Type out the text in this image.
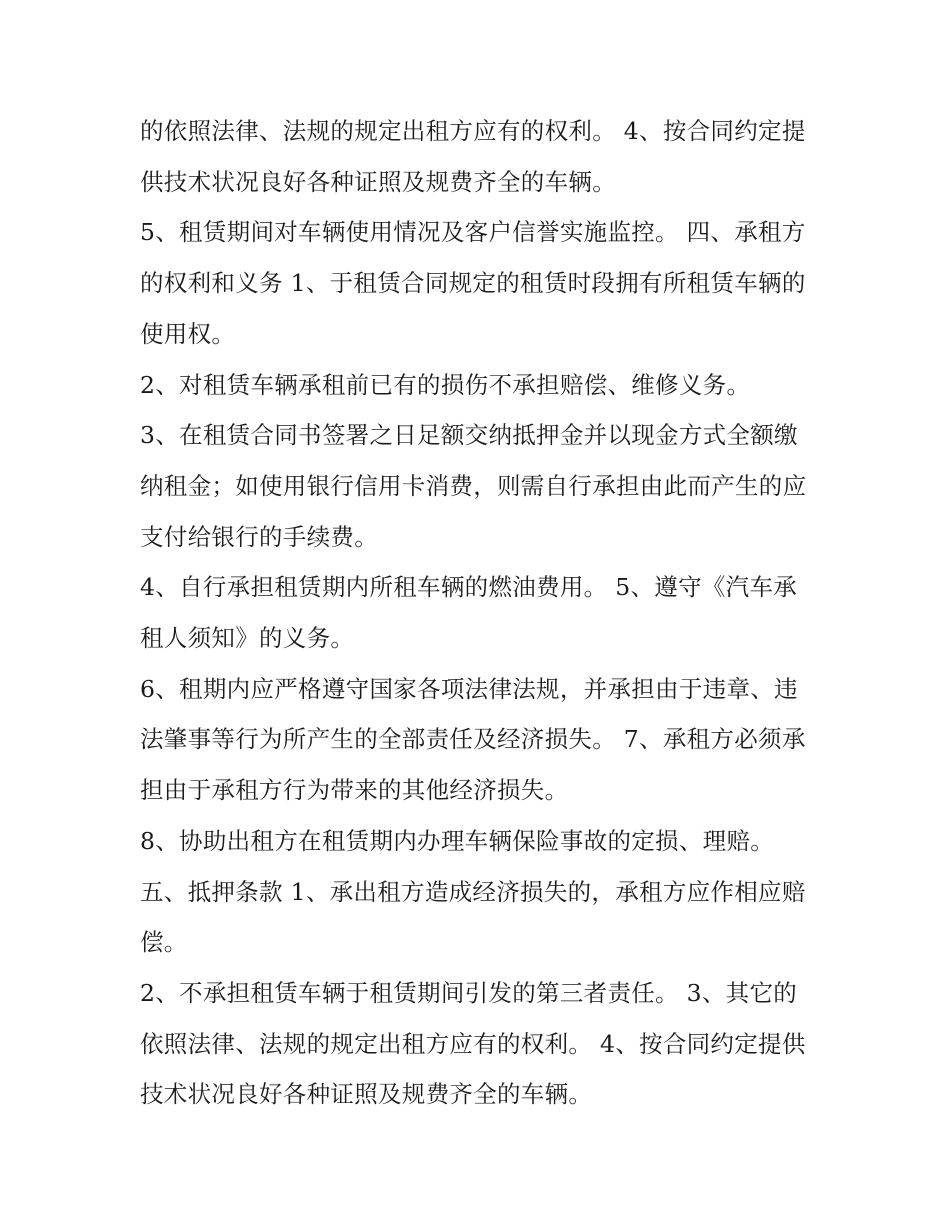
的依照法律、法规的规定出租方应有的权利。 4、按合同约定提供技术状况良好各种证照及规费齐全的车辆。

5、租赁期间对车辆使用情况及客户信誉实施监控。 四、承租方的权利和义务 1、于租赁合同规定的租赁时段拥有所租赁车辆的使用权。

2、对租赁车辆承租前已有的损伤不承担赔偿、维修义务。

3、在租赁合同书签署之日足额交纳抵押金并以现金方式全额缴纳租金；如使用银行信用卡消费，则需自行承担由此而产生的应支付给银行的手续费。

4、自行承担租赁期内所租车辆的燃油费用。 5、遵守《汽车承租人须知》的义务。

6、租期内应严格遵守国家各项法律法规，并承担由于违章、违法肇事等行为所产生的全部责任及经济损失。 7、承租方必须承担由于承租方行为带来的其他经济损失。

8、协助出租方在租赁期内办理车辆保险事故的定损、理赔。

五、抵押条款 1、承出租方造成经济损失的，承租方应作相应赔偿。

2、不承担租赁车辆于租赁期间引发的第三者责任。 3、其它的依照法律、法规的规定出租方应有的权利。 4、按合同约定提供技术状况良好各种证照及规费齐全的车辆。
